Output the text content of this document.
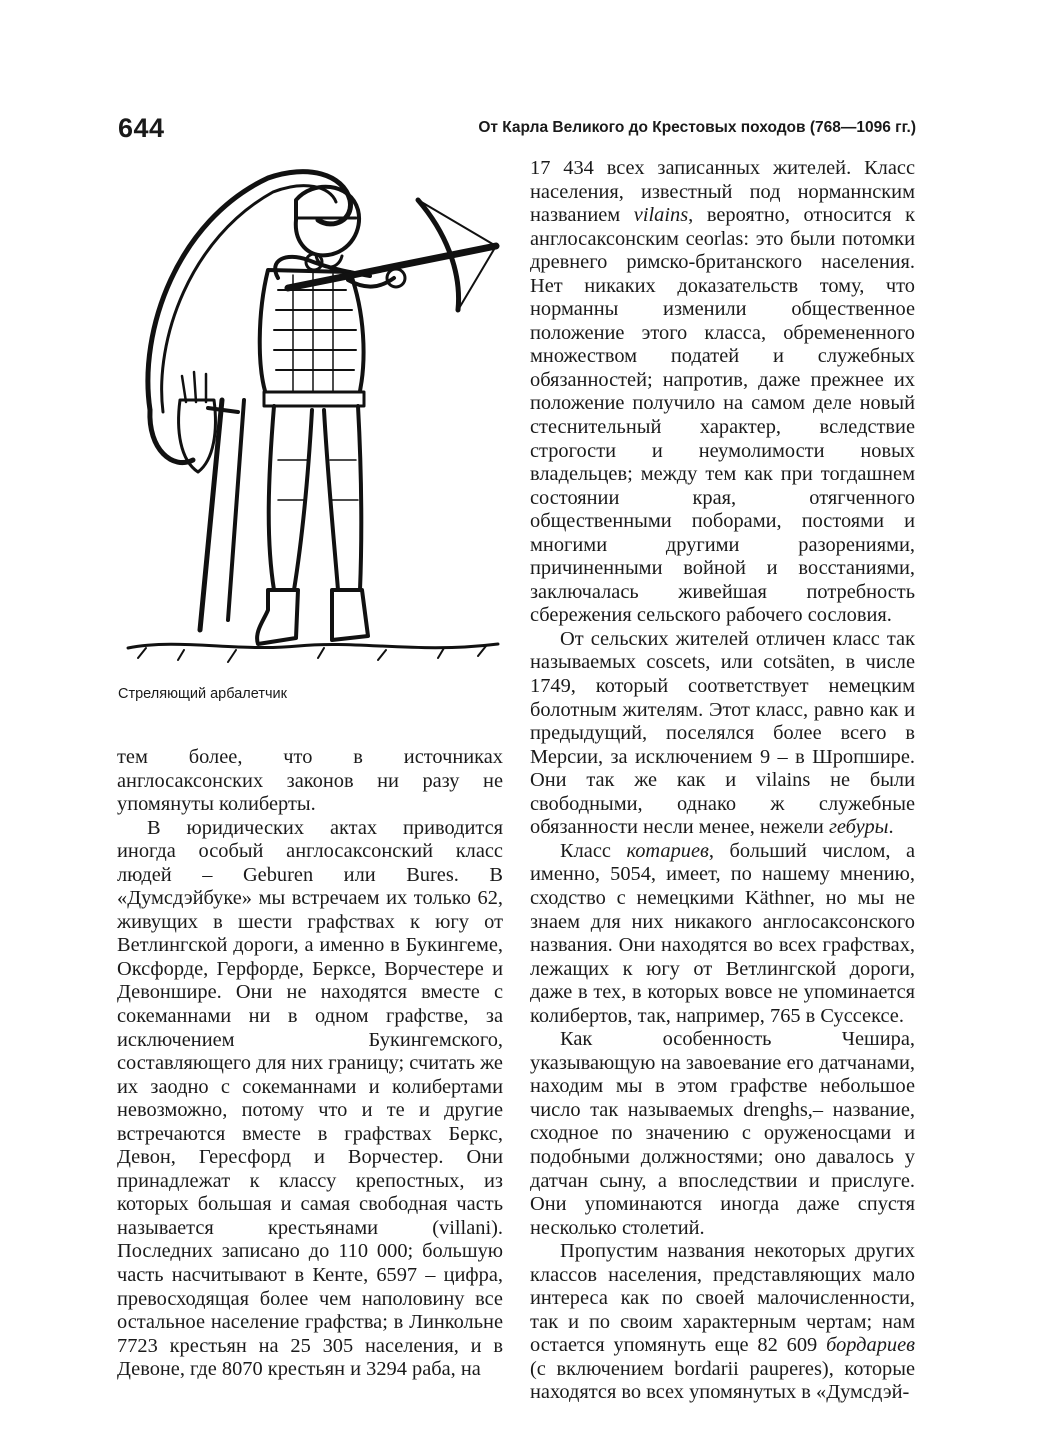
644	От Карла Великого до Крестовых походов (768—1096 гг.)
Стреляющий арбалетчик

тем более, что в источниках англосаксонских законов ни разу не упомянуты колиберты.

В юридических актах приводится иногда особый англосаксонский класс людей – Geburen или Bures. В «Думсдэйбуке» мы встречаем их только 62, живущих в шести графствах к югу от Ветлингской дороги, а именно в Букингеме, Оксфорде, Герфорде, Берксе, Ворчестере и Девоншире. Они не находятся вместе с сокеманнами ни в одном графстве, за исключением Букингемского, составляющего для них границу; считать же их заодно с сокеманнами и колибертами невозможно, потому что и те и другие встречаются вместе в графствах Беркс, Девон, Гересфорд и Ворчестер. Они принадлежат к классу крепостных, из которых большая и самая свободная часть называется крестьянами (villani). Последних записано до 110 000; большую часть насчитывают в Кенте, 6597 – цифра, превосходящая более чем наполовину все остальное население графства; в Линкольне 7723 крестьян на 25 305 населения, и в Девоне, где 8070 крестьян и 3294 раба, на

17 434 всех записанных жителей. Класс населения, известный под норманнским названием vilains, вероятно, относится к англосаксонским ceorlas: это были потомки древнего римско-британского населения. Нет никаких доказательств тому, что норманны изменили общественное положение этого класса, обремененного множеством податей и служебных обязанностей; напротив, даже прежнее их положение получило на самом деле новый стеснительный характер, вследствие строгости и неумолимости новых владельцев; между тем как при тогдашнем состоянии края, отягченного общественными поборами, постоями и многими другими разорениями, причиненными войной и восстаниями, заключалась живейшая потребность сбережения сельского рабочего сословия.

От сельских жителей отличен класс так называемых coscets, или cotsäten, в числе 1749, который соответствует немецким болотным жителям. Этот класс, равно как и предыдущий, поселялся более всего в Мерсии, за исключением 9 – в Шропшире. Они так же как и vilains не были свободными, однако ж служебные обязанности несли менее, нежели гебуры.

Класс котариев, больший числом, а именно, 5054, имеет, по нашему мнению, сходство с немецкими Käthner, но мы не знаем для них никакого англосаксонского названия. Они находятся во всех графствах, лежащих к югу от Ветлингской дороги, даже в тех, в которых вовсе не упоминается колибертов, так, например, 765 в Суссексе.

Как особенность Чешира, указывающую на завоевание его датчанами, находим мы в этом графстве небольшое число так называемых drenghs,– название, сходное по значению с оруженосцами и подобными должностями; оно давалось у датчан сыну, а впоследствии и прислуге. Они упоминаются иногда даже спустя несколько столетий.

Пропустим названия некоторых других классов населения, представляющих мало интереса как по своей малочисленности, так и по своим характерным чертам; нам остается упомянуть еще 82 609 бордариев (с включением bordarii pauperes), которые находятся во всех упомянутых в «Думсдэй-
